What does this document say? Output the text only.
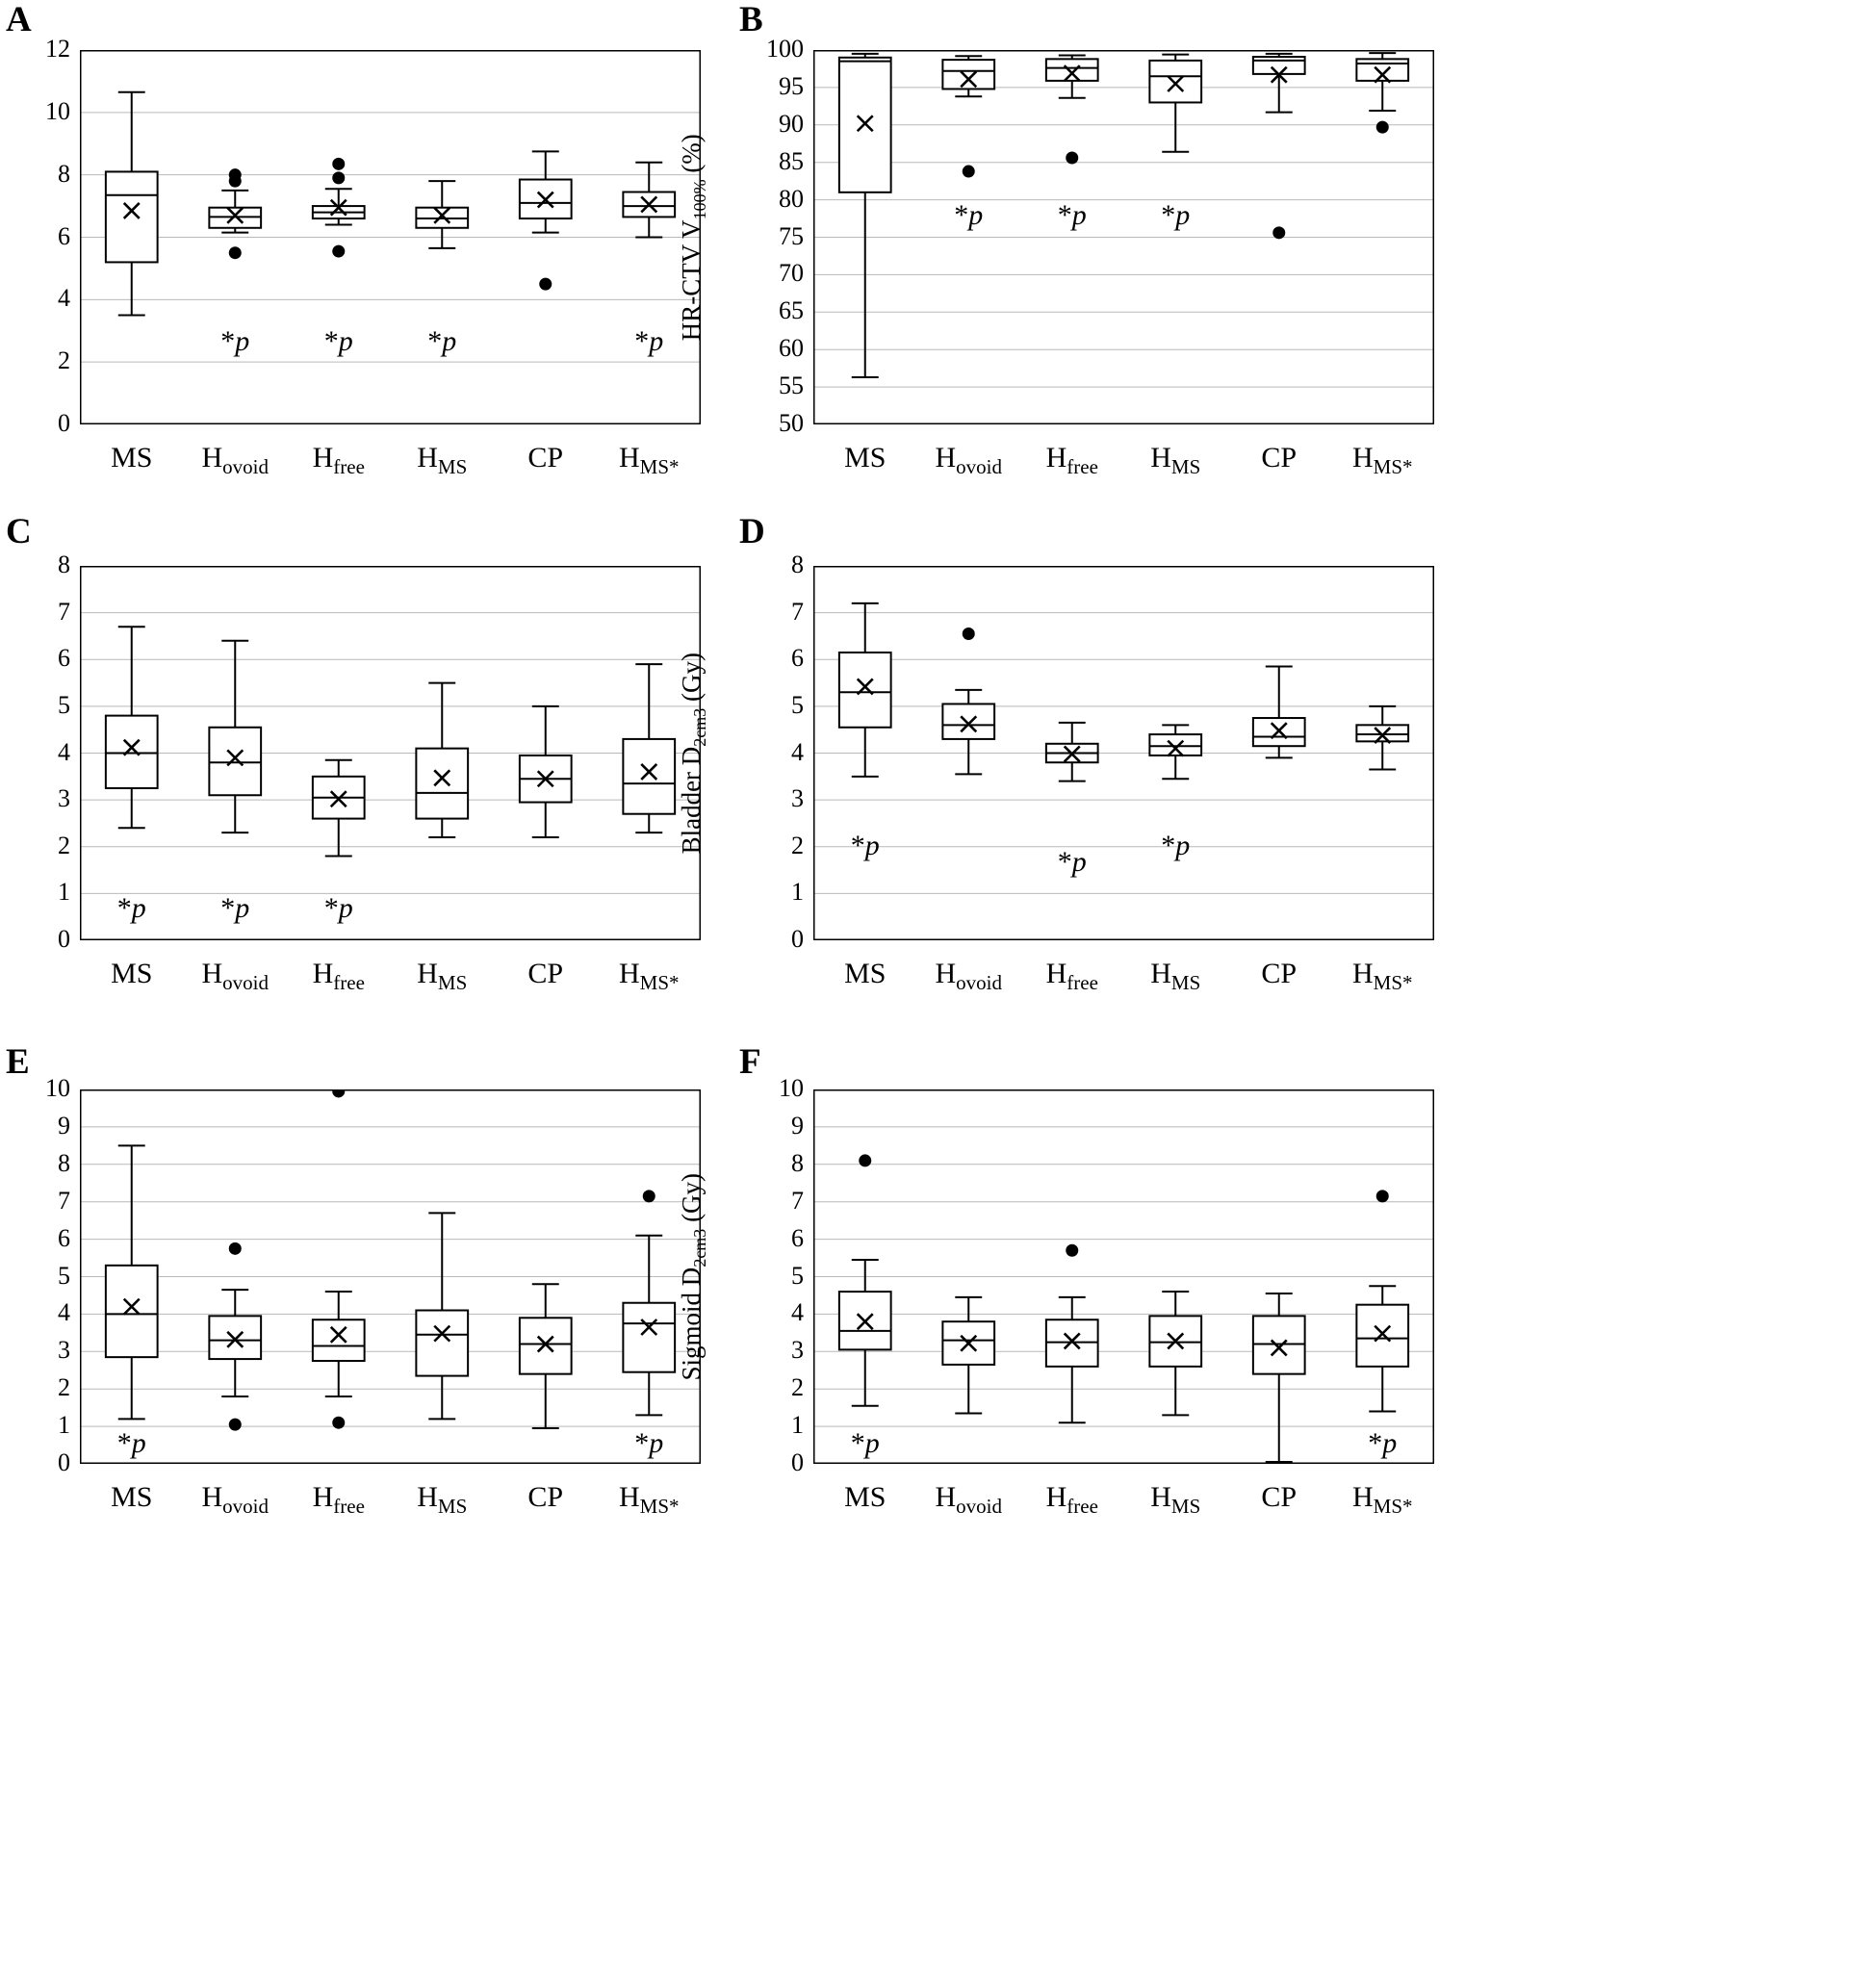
A
0
2
4
6
8
10
12
MS	$H_{ovoid}$	$H_{free}$	$H_{MS}$	CP	$H_{MS*}$
*p	*p	*p	*p
B
HR-CTV $V_{100\%}$ (%)
50
55
60
65
70
75
80
85
90
95
100
MS	$H_{ovoid}$	$H_{free}$	$H_{MS}$	CP	$H_{MS*}$
*p	*p	*p
C
0
1
2
3
4
5
6
7
8
MS	$H_{ovoid}$	$H_{free}$	$H_{MS}$	CP	$H_{MS*}$
*p	*p	*p
D
Bladder $D_{2cm3}$ (Gy)
0
1
2
3
4
5
6
7
8
MS	$H_{ovoid}$	$H_{free}$	$H_{MS}$	CP	$H_{MS*}$
*p
*p
*p
E
0
1
2
3
4
5
6
7
8
9
10
MS	$H_{ovoid}$	$H_{free}$	$H_{MS}$	CP	$H_{MS*}$
*p	*p
F
Sigmoid $D_{2cm3}$ (Gy)
0
1
2
3
4
5
6
7
8
9
10
MS	$H_{ovoid}$	$H_{free}$	$H_{MS}$	CP	$H_{MS*}$
*p	*p
